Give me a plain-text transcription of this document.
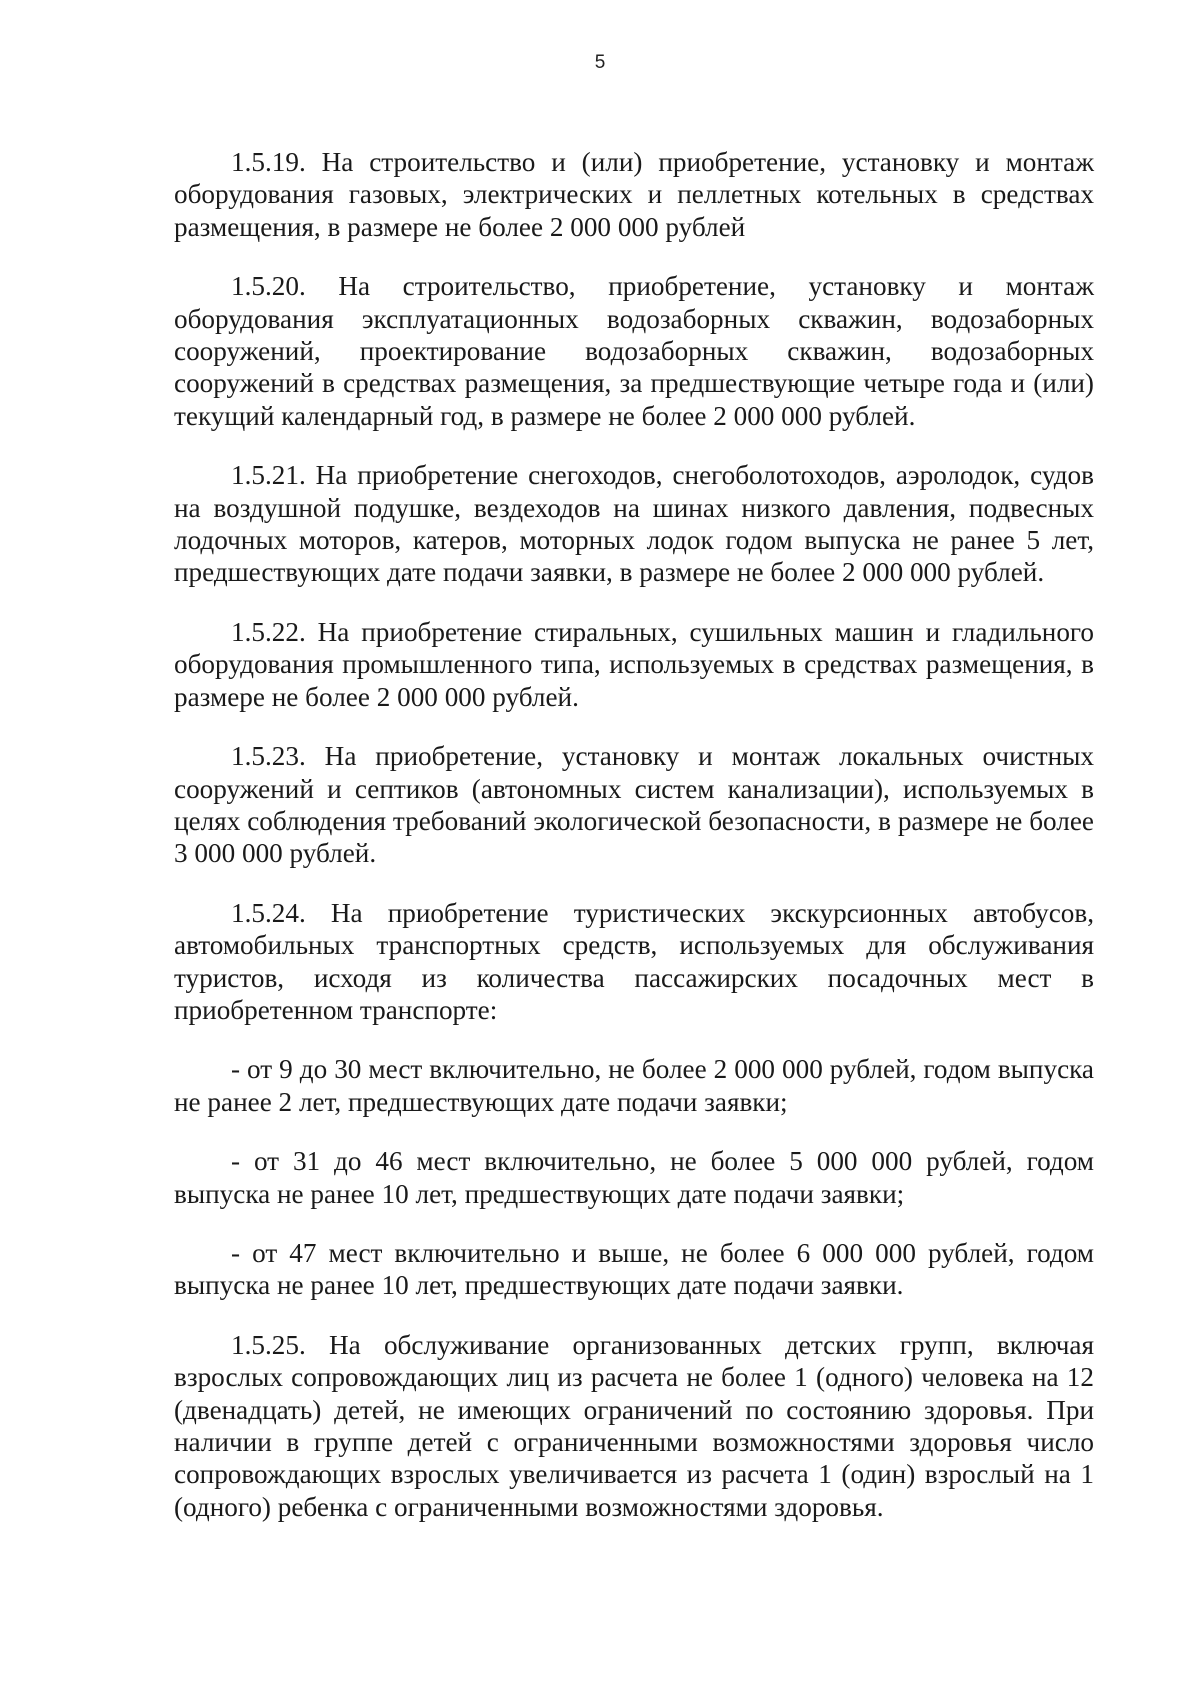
5

1.5.19. На строительство и (или) приобретение, установку и монтаж оборудования газовых, электрических и пеллетных котельных в средствах размещения, в размере не более 2 000 000 рублей

1.5.20. На строительство, приобретение, установку и монтаж оборудования эксплуатационных водозаборных скважин, водозаборных сооружений, проектирование водозаборных скважин, водозаборных сооружений в средствах размещения, за предшествующие четыре года и (или) текущий календарный год, в размере не более 2 000 000 рублей.

1.5.21. На приобретение снегоходов, снегоболотоходов, аэролодок, судов на воздушной подушке, вездеходов на шинах низкого давления, подвесных лодочных моторов, катеров, моторных лодок годом выпуска не ранее 5 лет, предшествующих дате подачи заявки, в размере не более 2 000 000 рублей.

1.5.22. На приобретение стиральных, сушильных машин и гладильного оборудования промышленного типа, используемых в средствах размещения, в размере не более 2 000 000 рублей.

1.5.23. На приобретение, установку и монтаж локальных очистных сооружений и септиков (автономных систем канализации), используемых в целях соблюдения требований экологической безопасности, в размере не более 3 000 000 рублей.

1.5.24. На приобретение туристических экскурсионных автобусов, автомобильных транспортных средств, используемых для обслуживания туристов, исходя из количества пассажирских посадочных мест в приобретенном транспорте:

- от 9 до 30 мест включительно, не более 2 000 000 рублей, годом выпуска не ранее 2 лет, предшествующих дате подачи заявки;

- от 31 до 46 мест включительно, не более 5 000 000 рублей, годом выпуска не ранее 10 лет, предшествующих дате подачи заявки;

- от 47 мест включительно и выше, не более 6 000 000 рублей, годом выпуска не ранее 10 лет, предшествующих дате подачи заявки.

1.5.25. На обслуживание организованных детских групп, включая взрослых сопровождающих лиц из расчета не более 1 (одного) человека на 12 (двенадцать) детей, не имеющих ограничений по состоянию здоровья. При наличии в группе детей с ограниченными возможностями здоровья число сопровождающих взрослых увеличивается из расчета 1 (один) взрослый на 1 (одного) ребенка с ограниченными возможностями здоровья.
